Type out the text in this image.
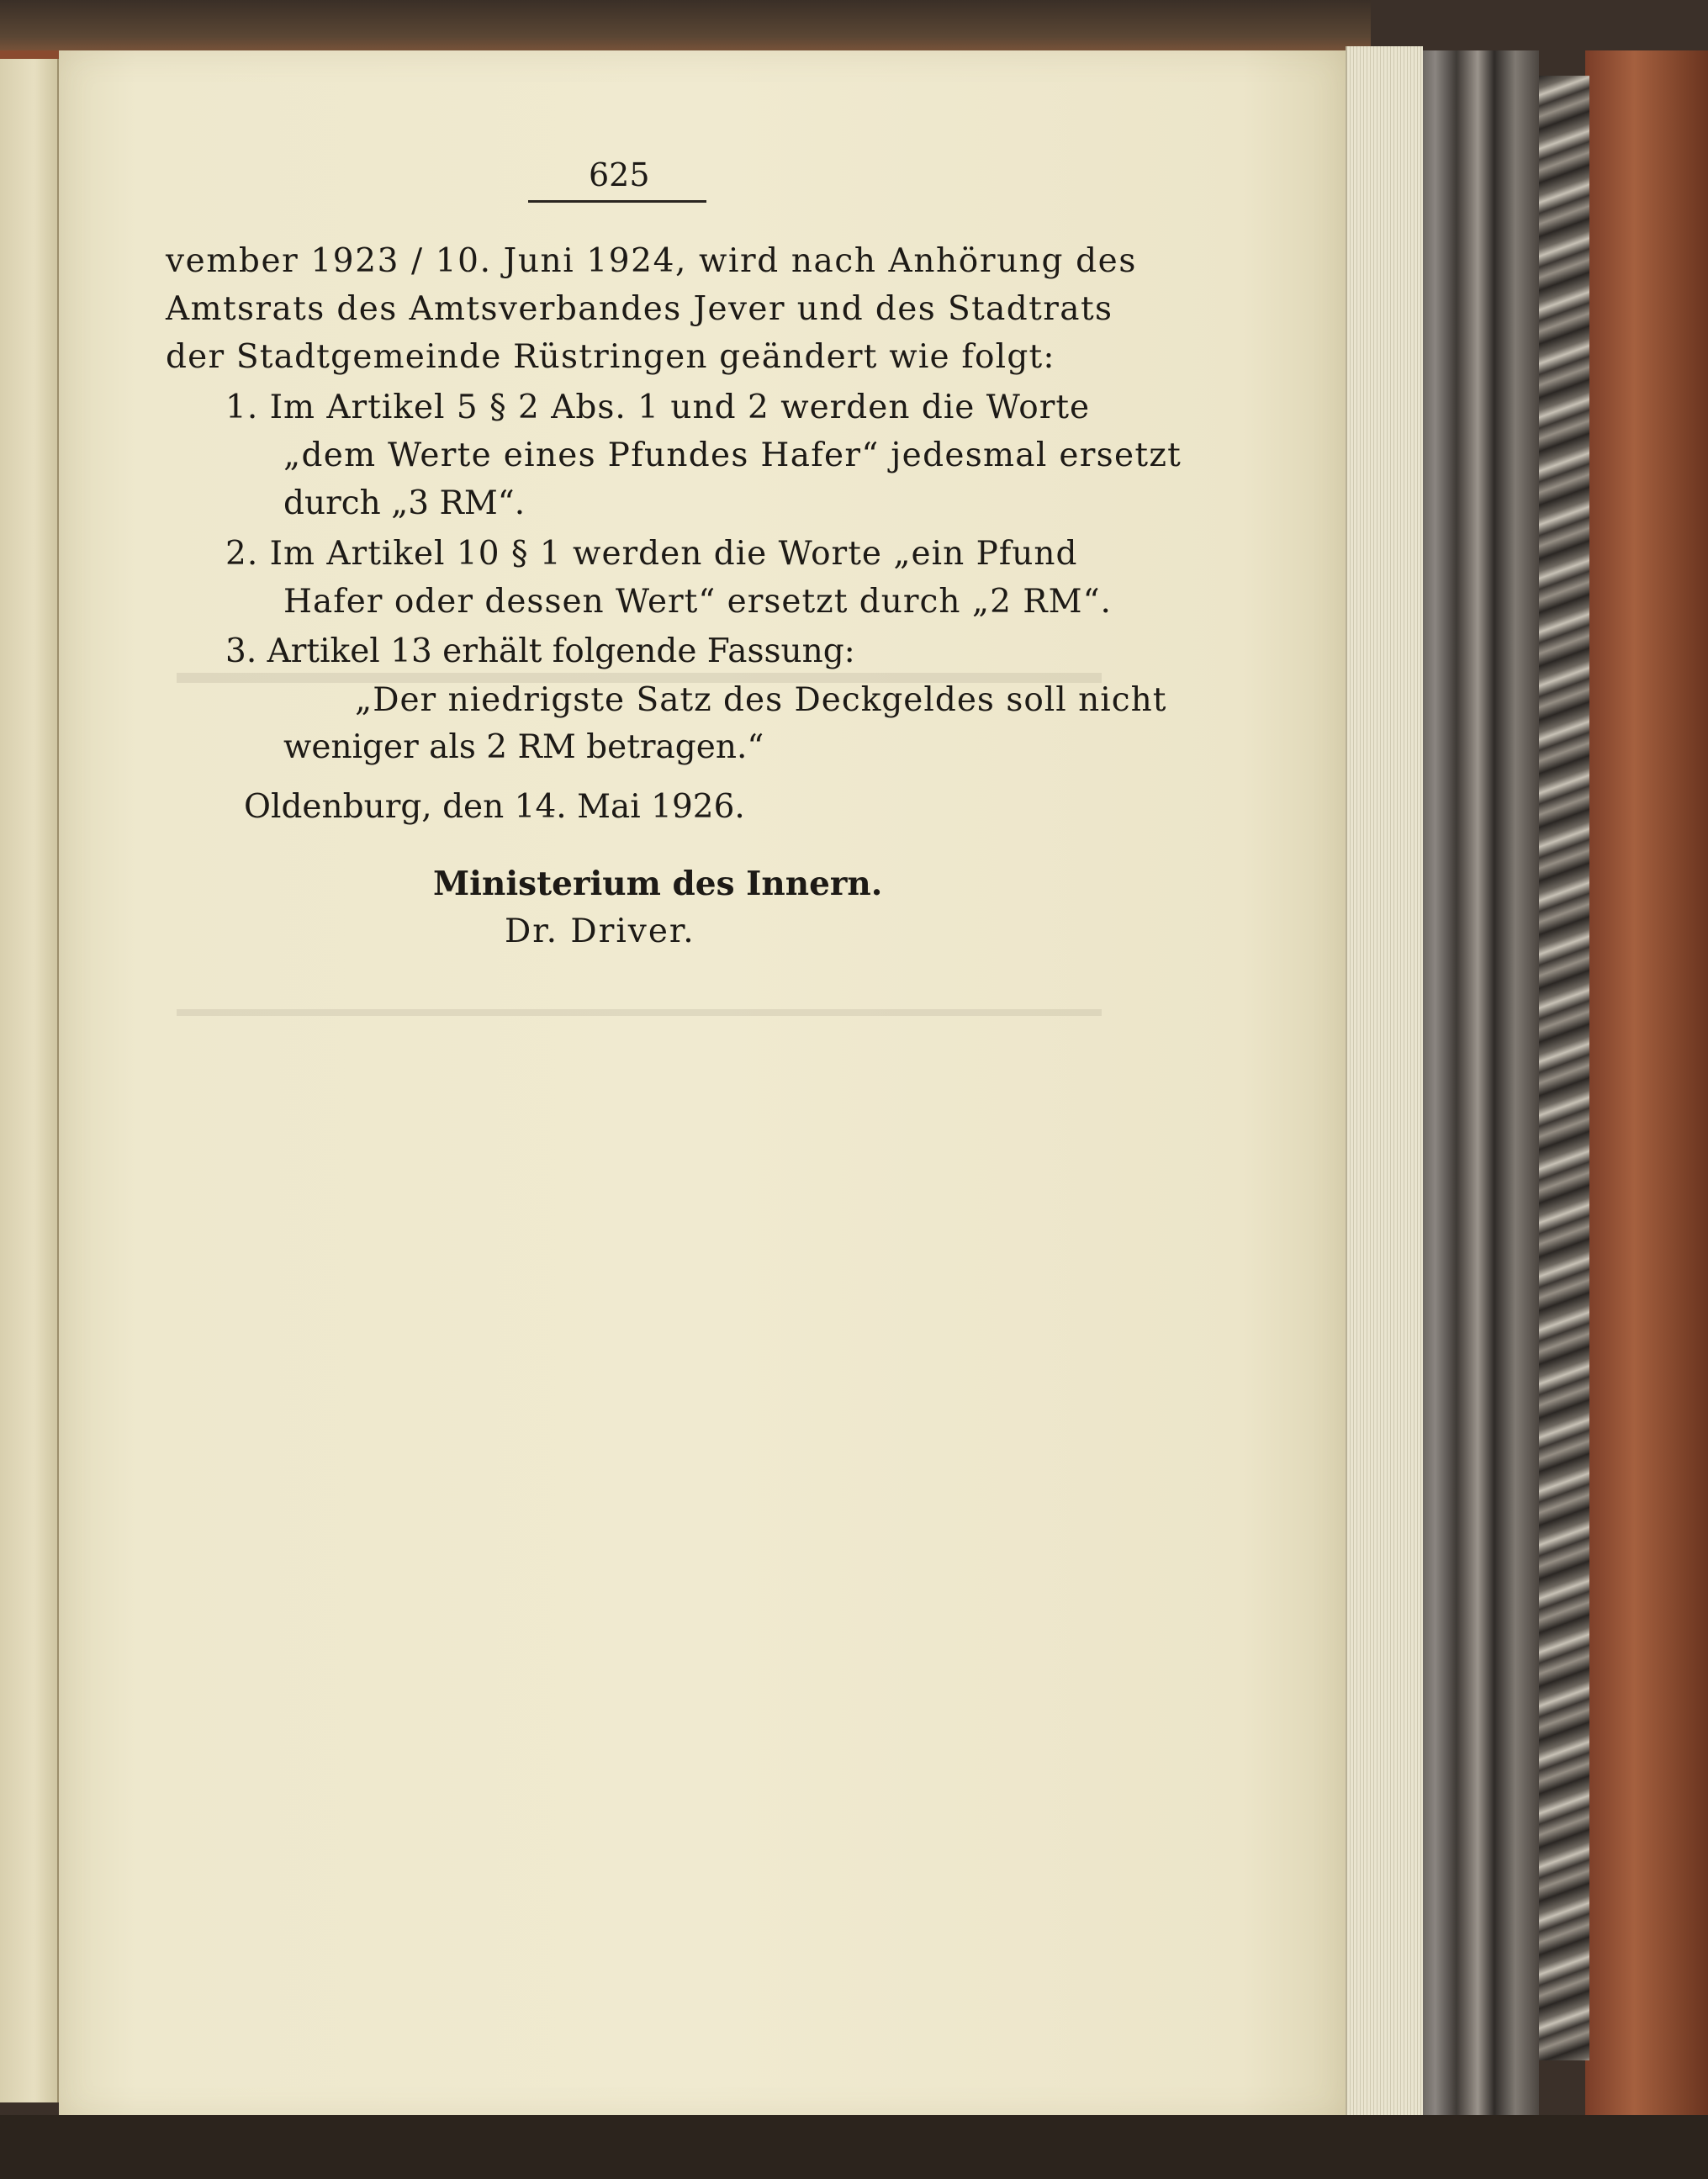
625
vember 1923 / 10. Juni 1924, wird nach Anhörung des
Amtsrats des Amtsverbandes Jever und des Stadtrats
der Stadtgemeinde Rüstringen geändert wie folgt:
1. Im Artikel 5 § 2 Abs. 1 und 2 werden die Worte
„dem Werte eines Pfundes Hafer“ jedesmal ersetzt
durch „3 RM“.
2. Im Artikel 10 § 1 werden die Worte „ein Pfund
Hafer oder dessen Wert“ ersetzt durch „2 RM“.
3. Artikel 13 erhält folgende Fassung:
„Der niedrigste Satz des Deckgeldes soll nicht
weniger als 2 RM betragen.“
Oldenburg, den 14. Mai 1926.
Ministerium des Innern.
Dr. Driver.
